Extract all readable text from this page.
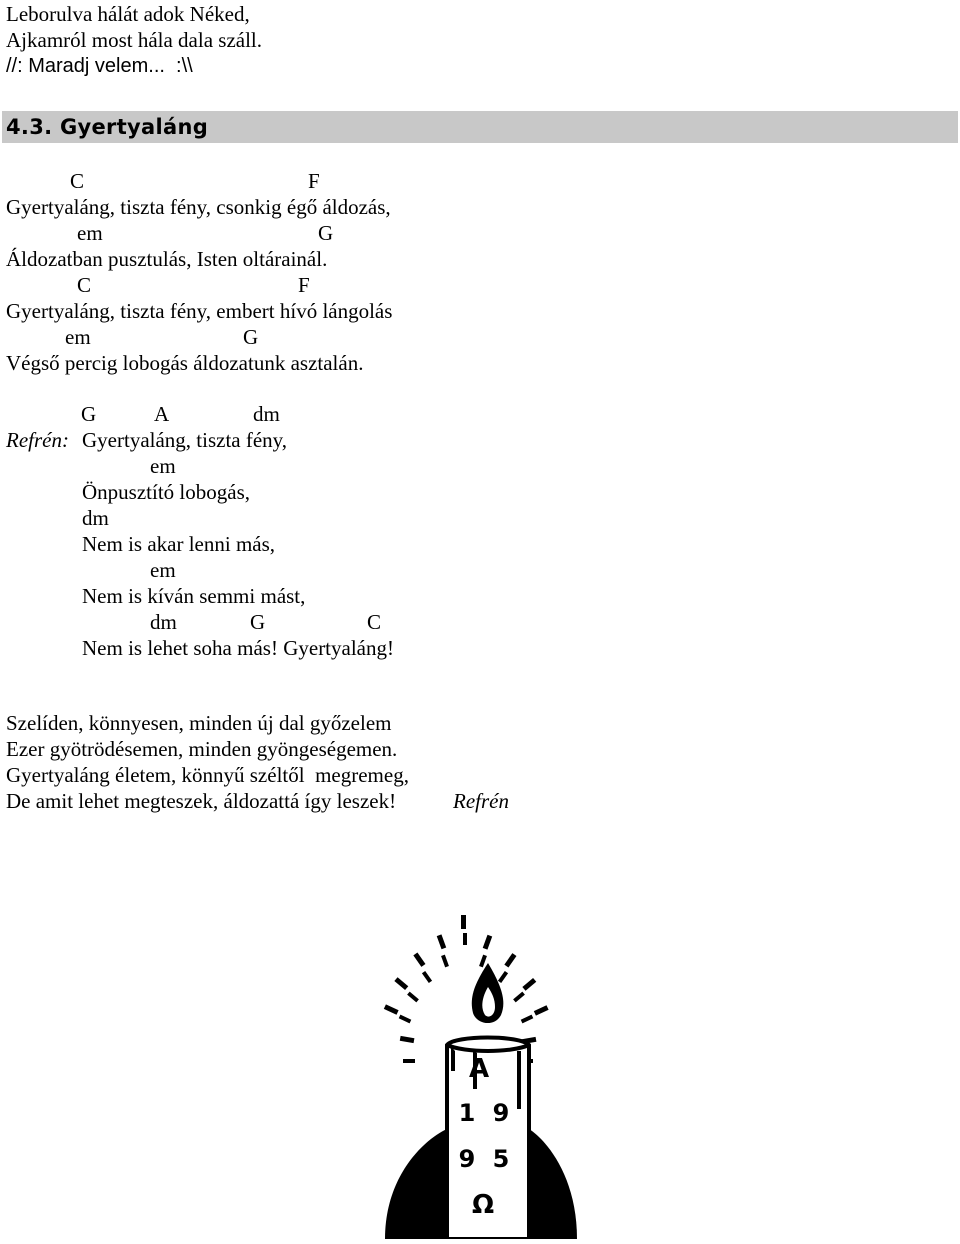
Leborulva hálát adok Néked,
Ajkamról most hála dala száll.
//: Maradj velem...  :\\
4.3. Gyertyaláng
C	F
Gyertyaláng, tiszta fény, csonkig égő áldozás,
em	G
Áldozatban pusztulás, Isten oltárainál.
C	F
Gyertyaláng, tiszta fény, embert hívó lángolás
em	G
Végső percig lobogás áldozatunk asztalán.
G	A	dm
Refrén: Gyertyaláng, tiszta fény,
em
Önpusztító lobogás,
dm
Nem is akar lenni más,
em
Nem is kíván semmi mást,
dm	G	C
Nem is lehet soha más! Gyertyaláng!
Szelíden, könnyesen, minden új dal győzelem
Ezer gyötrödésemen, minden gyöngeségemen.
Gyertyaláng életem, könnyű széltől  megremeg,
De amit lehet megteszek, áldozattá így leszek!	Refrén
A
1 9
9 5
Ω
